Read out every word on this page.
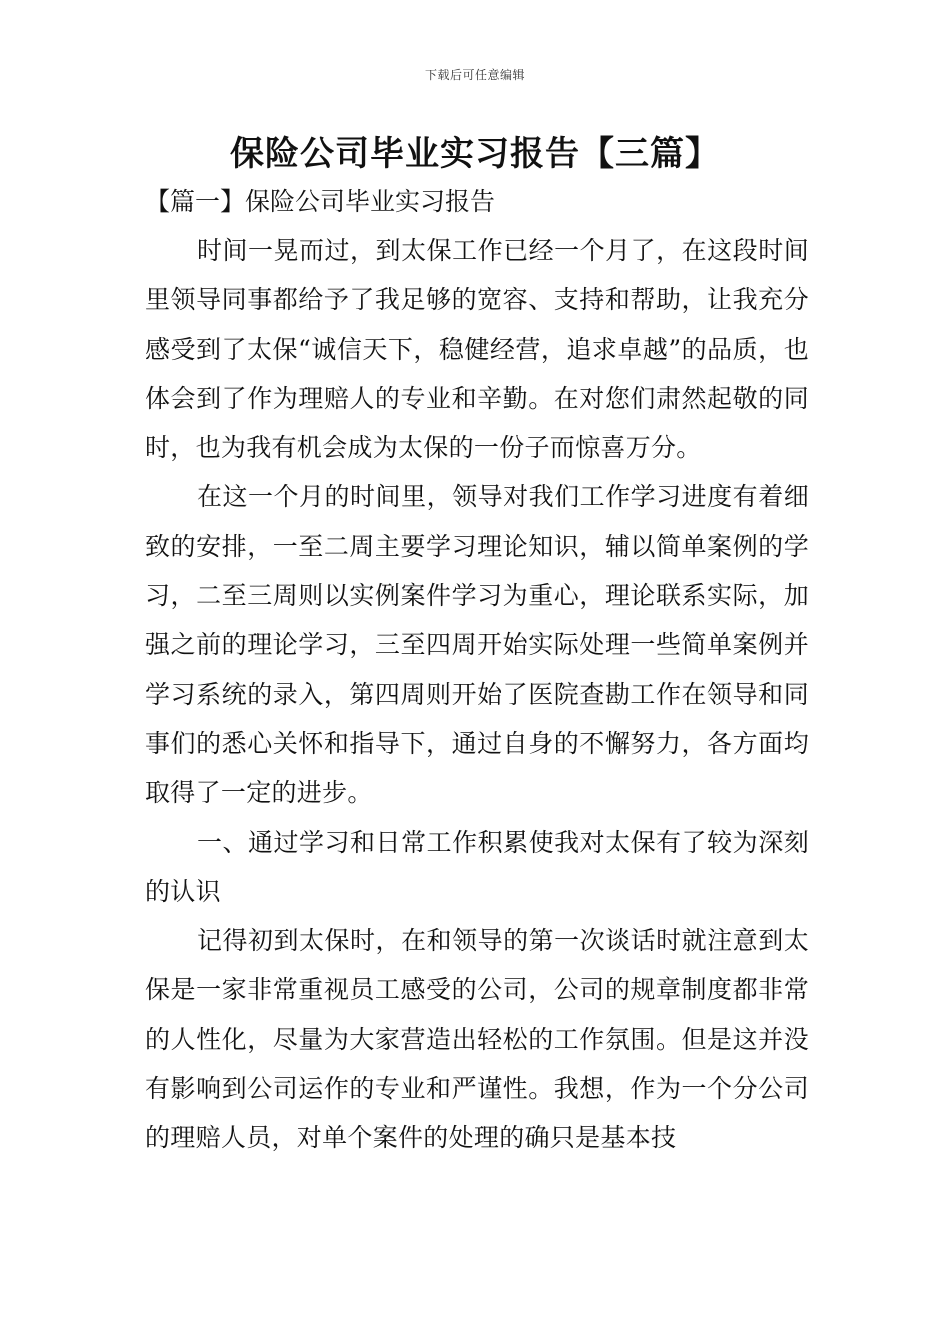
下载后可任意编辑
保险公司毕业实习报告【三篇】
【篇一】保险公司毕业实习报告

时间一晃而过，到太保工作已经一个月了，在这段时间里领导同事都给予了我足够的宽容、支持和帮助，让我充分感受到了太保“诚信天下，稳健经营，追求卓越”的品质，也体会到了作为理赔人的专业和辛勤。在对您们肃然起敬的同时，也为我有机会成为太保的一份子而惊喜万分。

在这一个月的时间里，领导对我们工作学习进度有着细致的安排，一至二周主要学习理论知识，辅以简单案例的学习，二至三周则以实例案件学习为重心，理论联系实际，加强之前的理论学习，三至四周开始实际处理一些简单案例并学习系统的录入，第四周则开始了医院查勘工作在领导和同事们的悉心关怀和指导下，通过自身的不懈努力，各方面均取得了一定的进步。

一、通过学习和日常工作积累使我对太保有了较为深刻的认识

记得初到太保时，在和领导的第一次谈话时就注意到太保是一家非常重视员工感受的公司，公司的规章制度都非常的人性化，尽量为大家营造出轻松的工作氛围。但是这并没有影响到公司运作的专业和严谨性。我想，作为一个分公司的理赔人员，对单个案件的处理的确只是基本技
